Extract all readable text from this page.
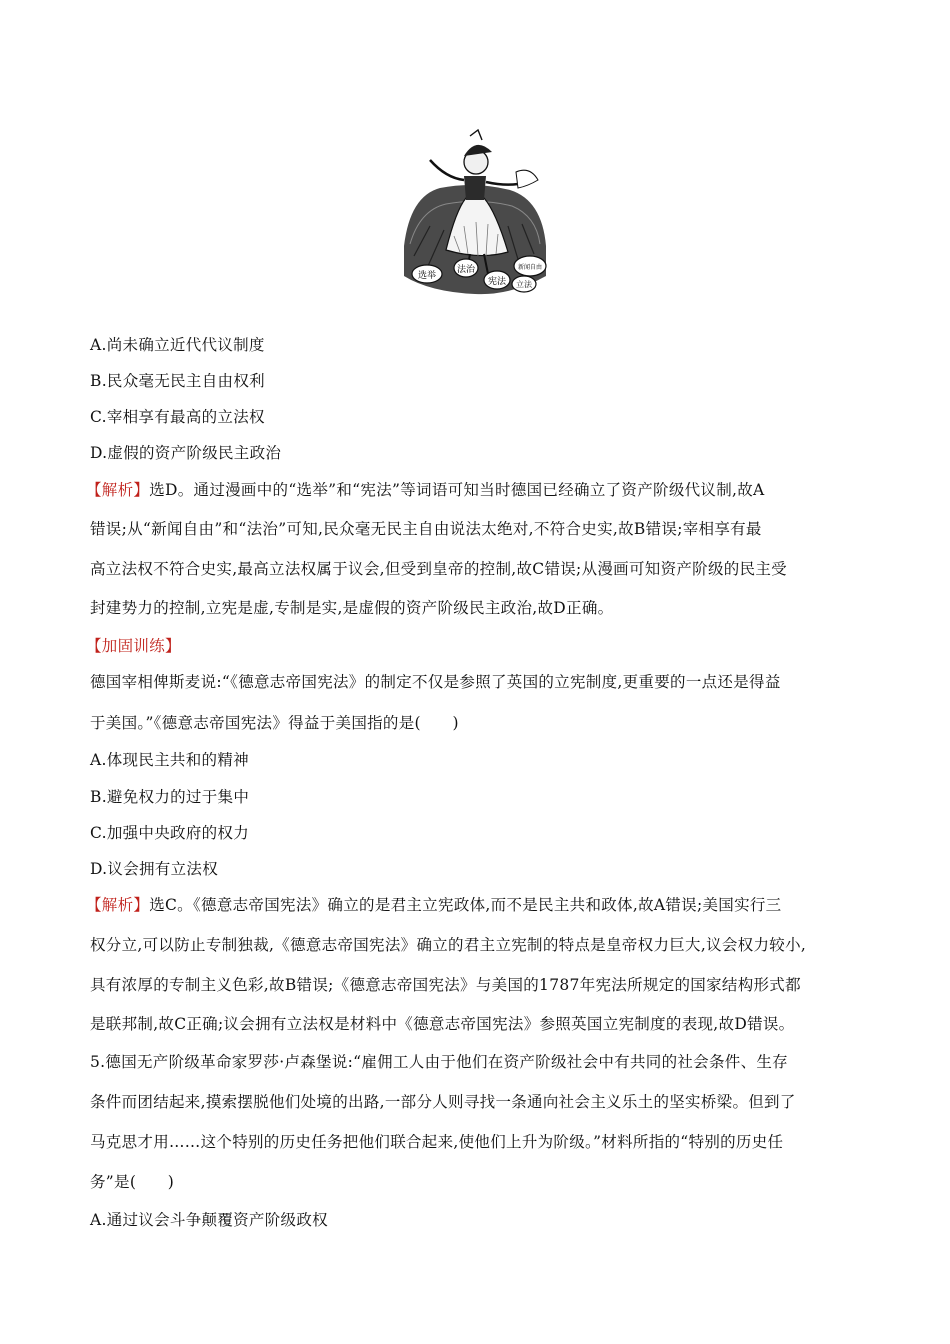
选举
法治
宪法
新闻自由
立法
A.尚未确立近代代议制度
B.民众毫无民主自由权利
C.宰相享有最高的立法权
D.虚假的资产阶级民主政治
【解析】选D。通过漫画中的“选举”和“宪法”等词语可知当时德国已经确立了资产阶级代议制,故A
错误;从“新闻自由”和“法治”可知,民众毫无民主自由说法太绝对,不符合史实,故B错误;宰相享有最
高立法权不符合史实,最高立法权属于议会,但受到皇帝的控制,故C错误;从漫画可知资产阶级的民主受
封建势力的控制,立宪是虚,专制是实,是虚假的资产阶级民主政治,故D正确。
【加固训练】
德国宰相俾斯麦说:“《德意志帝国宪法》的制定不仅是参照了英国的立宪制度,更重要的一点还是得益
于美国。”《德意志帝国宪法》得益于美国指的是(　　)
A.体现民主共和的精神
B.避免权力的过于集中
C.加强中央政府的权力
D.议会拥有立法权
【解析】选C。《德意志帝国宪法》确立的是君主立宪政体,而不是民主共和政体,故A错误;美国实行三
权分立,可以防止专制独裁,《德意志帝国宪法》确立的君主立宪制的特点是皇帝权力巨大,议会权力较小,
具有浓厚的专制主义色彩,故B错误;《德意志帝国宪法》与美国的1787年宪法所规定的国家结构形式都
是联邦制,故C正确;议会拥有立法权是材料中《德意志帝国宪法》参照英国立宪制度的表现,故D错误。
5.德国无产阶级革命家罗莎·卢森堡说:“雇佣工人由于他们在资产阶级社会中有共同的社会条件、生存
条件而团结起来,摸索摆脱他们处境的出路,一部分人则寻找一条通向社会主义乐土的坚实桥梁。但到了
马克思才用……这个特别的历史任务把他们联合起来,使他们上升为阶级。”材料所指的“特别的历史任
务”是(　　)
A.通过议会斗争颠覆资产阶级政权
